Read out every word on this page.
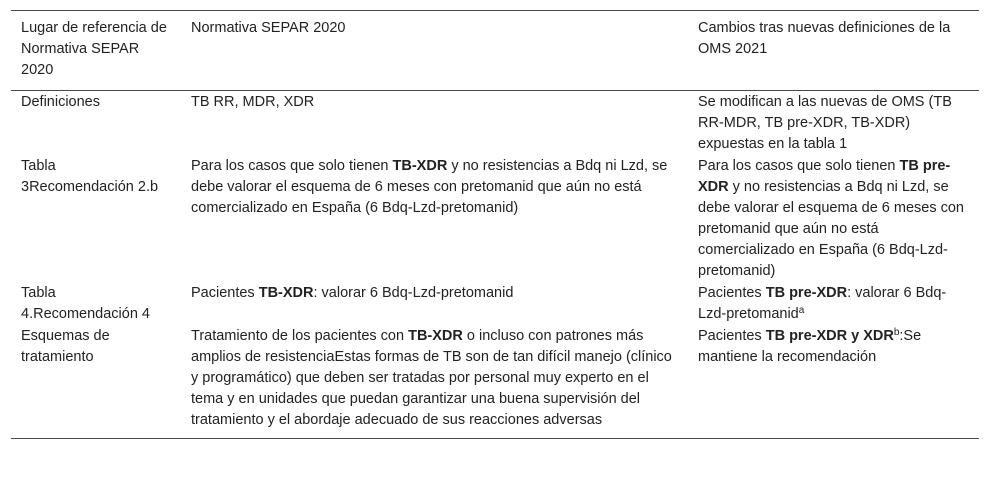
Lugar de referencia de Normativa SEPAR 2020	Normativa SEPAR 2020	Cambios tras nuevas definiciones de la OMS 2021
Definiciones	TB RR, MDR, XDR	Se modifican a las nuevas de OMS (TB RR-MDR, TB pre-XDR, TB-XDR) expuestas en la tabla 1
Tabla 3Recomendación 2.b	Para los casos que solo tienen TB-XDR y no resistencias a Bdq ni Lzd, se debe valorar el esquema de 6 meses con pretomanid que aún no está comercializado en España (6 Bdq-Lzd-pretomanid)	Para los casos que solo tienen TB pre-XDR y no resistencias a Bdq ni Lzd, se debe valorar el esquema de 6 meses con pretomanid que aún no está comercializado en España (6 Bdq-Lzd-pretomanid)
Tabla 4.Recomendación 4	Pacientes TB-XDR: valorar 6 Bdq-Lzd-pretomanid	Pacientes TB pre-XDR: valorar 6 Bdq-Lzd-pretomanid$^a$
Esquemas de tratamiento	Tratamiento de los pacientes con TB-XDR o incluso con patrones más amplios de resistenciaEstas formas de TB son de tan difícil manejo (clínico y programático) que deben ser tratadas por personal muy experto en el tema y en unidades que puedan garantizar una buena supervisión del tratamiento y el abordaje adecuado de sus reacciones adversas	Pacientes TB pre-XDR y XDR$^b$:Se mantiene la recomendación
